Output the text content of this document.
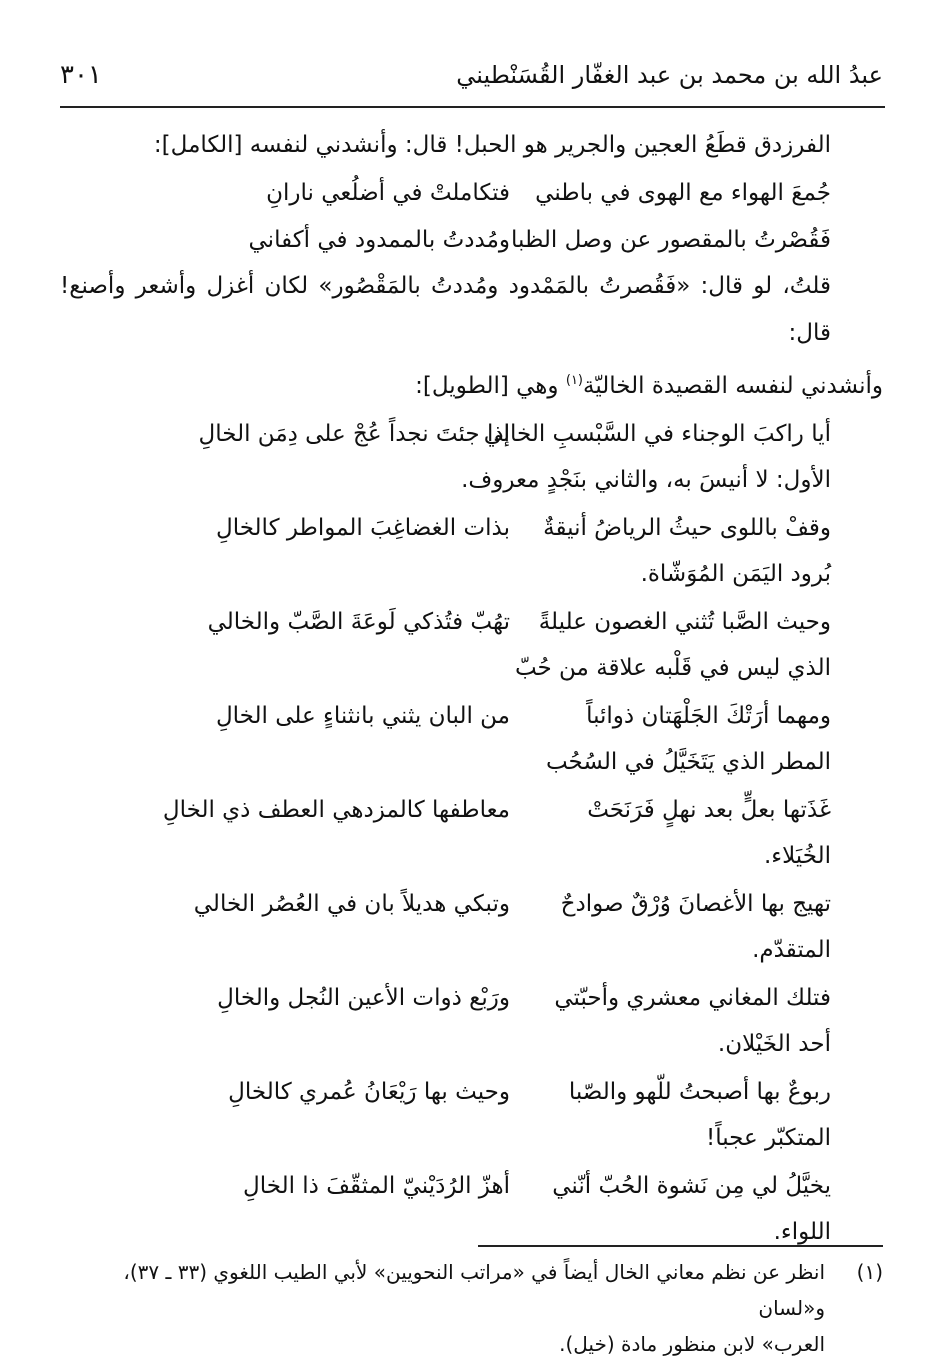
عبدُ الله بن محمد بن عبد الغفّار القُسَنْطيني
٣٠١

الفرزدق قطَعُ العجين والجرير هو الحبل! قال: وأنشدني لنفسه [الكامل]:

جُمعَ الهواء مع الهوى في باطني
فتكاملتْ في أضلُعي نارانِ
فَقُصْرتُ بالمقصور عن وصل الظبا
ومُددتُ بالممدود في أكفاني

قلتُ، لو قال: «فَقُصرتُ بالمَمْدود ومُددتُ بالمَقْصُور» لكان أغزل وأشعر وأصنع! قال:

وأنشدني لنفسه القصيدة الخاليّة$^{(١)}$ وهي [الطويل]:

أيا راكبَ الوجناء في السَّبْسبِ الخالي
إذا جئتَ نجداً عُجْ على دِمَن الخالِ
الأول: لا أنيسَ به، والثاني بنَجْدٍ معروف.
وقفْ باللوى حيثُ الرياضُ أنيقةٌ
بذات الغضاغِبَ المواطر كالخالِ
بُرود اليَمَن المُوَشّاة.
وحيث الصَّبا تُثني الغصون عليلةً
تهُبّ فتُذكي لَوعَةَ الصَّبّ والخالي
الذي ليس في قَلْبه علاقة من حُبّ
ومهما أرَتْكَ الجَلْهَتان ذوائباً
من البان يثني بانثناءٍ على الخالِ
المطر الذي يَتَخَيَّلُ في السُحُب
غَذَتها بعلٍّ بعد نهلٍ فَرَنَحَتْ
معاطفها كالمزدهي العطف ذي الخالِ
الخُيَلاء.
تهيج بها الأغصانَ وُرْقٌ صوادحٌ
وتبكي هديلاً بان في العُصُر الخالي
المتقدّم.
فتلك المغاني معشري وأحبّتي
ورَبْع ذوات الأعين النُجل والخالِ
أحد الخَيْلان.
ربوعٌ بها أصبحتُ للّهو والصّبا
وحيث بها رَيْعَانُ عُمري كالخالِ
المتكبّر عجباً!
يخيَّلُ لي مِن نَشوة الحُبّ أنّني
أهزّ الرُدَيْنيّ المثقّفَ ذا الخالِ
اللواء.
(١)
انظر عن نظم معاني الخال أيضاً في «مراتب النحويين» لأبي الطيب اللغوي (٣٣ ـ ٣٧)، و«لسان
العرب» لابن منظور مادة (خيل).
